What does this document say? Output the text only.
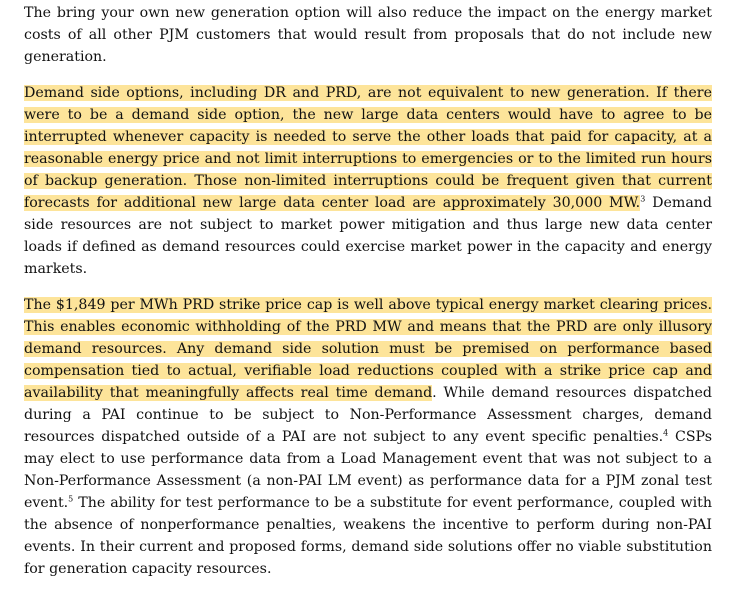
The bring your own new generation option will also reduce the impact on the energy market costs of all other PJM customers that would result from proposals that do not include new generation.

Demand side options, including DR and PRD, are not equivalent to new generation. If there were to be a demand side option, the new large data centers would have to agree to be interrupted whenever capacity is needed to serve the other loads that paid for capacity, at a reasonable energy price and not limit interruptions to emergencies or to the limited run hours of backup generation. Those non-limited interruptions could be frequent given that current forecasts for additional new large data center load are approximately 30,000 MW.$^3$ Demand side resources are not subject to market power mitigation and thus large new data center loads if defined as demand resources could exercise market power in the capacity and energy markets.

The $1,849 per MWh PRD strike price cap is well above typical energy market clearing prices. This enables economic withholding of the PRD MW and means that the PRD are only illusory demand resources. Any demand side solution must be premised on performance based compensation tied to actual, verifiable load reductions coupled with a strike price cap and availability that meaningfully affects real time demand. While demand resources dispatched during a PAI continue to be subject to Non-Performance Assessment charges, demand resources dispatched outside of a PAI are not subject to any event specific penalties.$^4$ CSPs may elect to use performance data from a Load Management event that was not subject to a Non-Performance Assessment (a non-PAI LM event) as performance data for a PJM zonal test event.$^5$ The ability for test performance to be a substitute for event performance, coupled with the absence of nonperformance penalties, weakens the incentive to perform during non-PAI events. In their current and proposed forms, demand side solutions offer no viable substitution for generation capacity resources.
